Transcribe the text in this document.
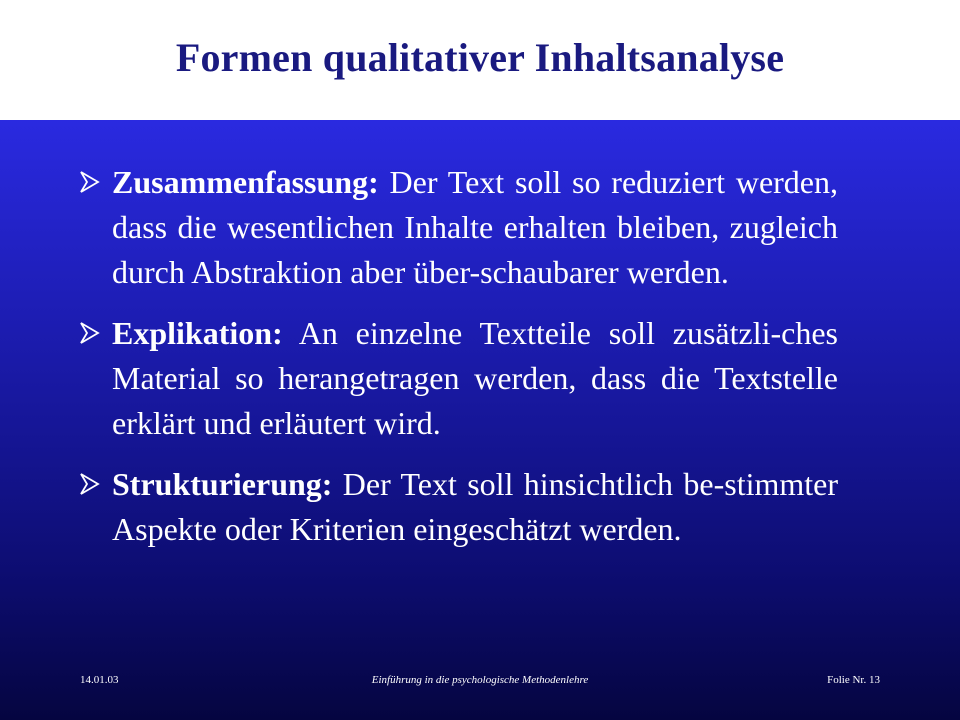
Formen qualitativer Inhaltsanalyse
Zusammenfassung: Der Text soll so reduziert werden, dass die wesentlichen Inhalte erhalten bleiben, zugleich durch Abstraktion aber über-schaubarer werden.
Explikation: An einzelne Textteile soll zusätzli-ches Material so herangetragen werden, dass die Textstelle erklärt und erläutert wird.
Strukturierung: Der Text soll hinsichtlich be-stimmter Aspekte oder Kriterien eingeschätzt werden.
14.01.03	Einführung in die psychologische Methodenlehre	Folie Nr. 13
